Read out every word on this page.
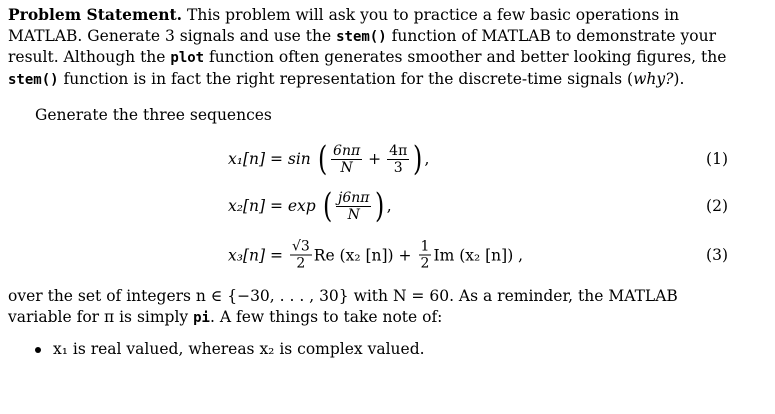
Problem Statement. This problem will ask you to practice a few basic operations in MATLAB. Generate 3 signals and use the stem() function of MATLAB to demonstrate your result. Although the plot function often generates smoother and better looking figures, the stem() function is in fact the right representation for the discrete-time signals (why?).
Generate the three sequences
x₁[n] = sin ( $\frac{6n\pi}{N} + \frac{4\pi}{3}$ ) ,	(1)
x₂[n] = exp ( $\frac{j6n\pi}{N}$ ) ,	(2)
$x_3[n] = \frac{√3}{2}$ Re (x₂ $[n]) + \frac{1}{2}$ Im (x₂ [n]) ,	(3)
over the set of integers n ∈ {−30, . . . , 30} with N = 60. As a reminder, the MATLAB variable for π is simply pi. A few things to take note of:
x₁ is real valued, whereas x₂ is complex valued.
